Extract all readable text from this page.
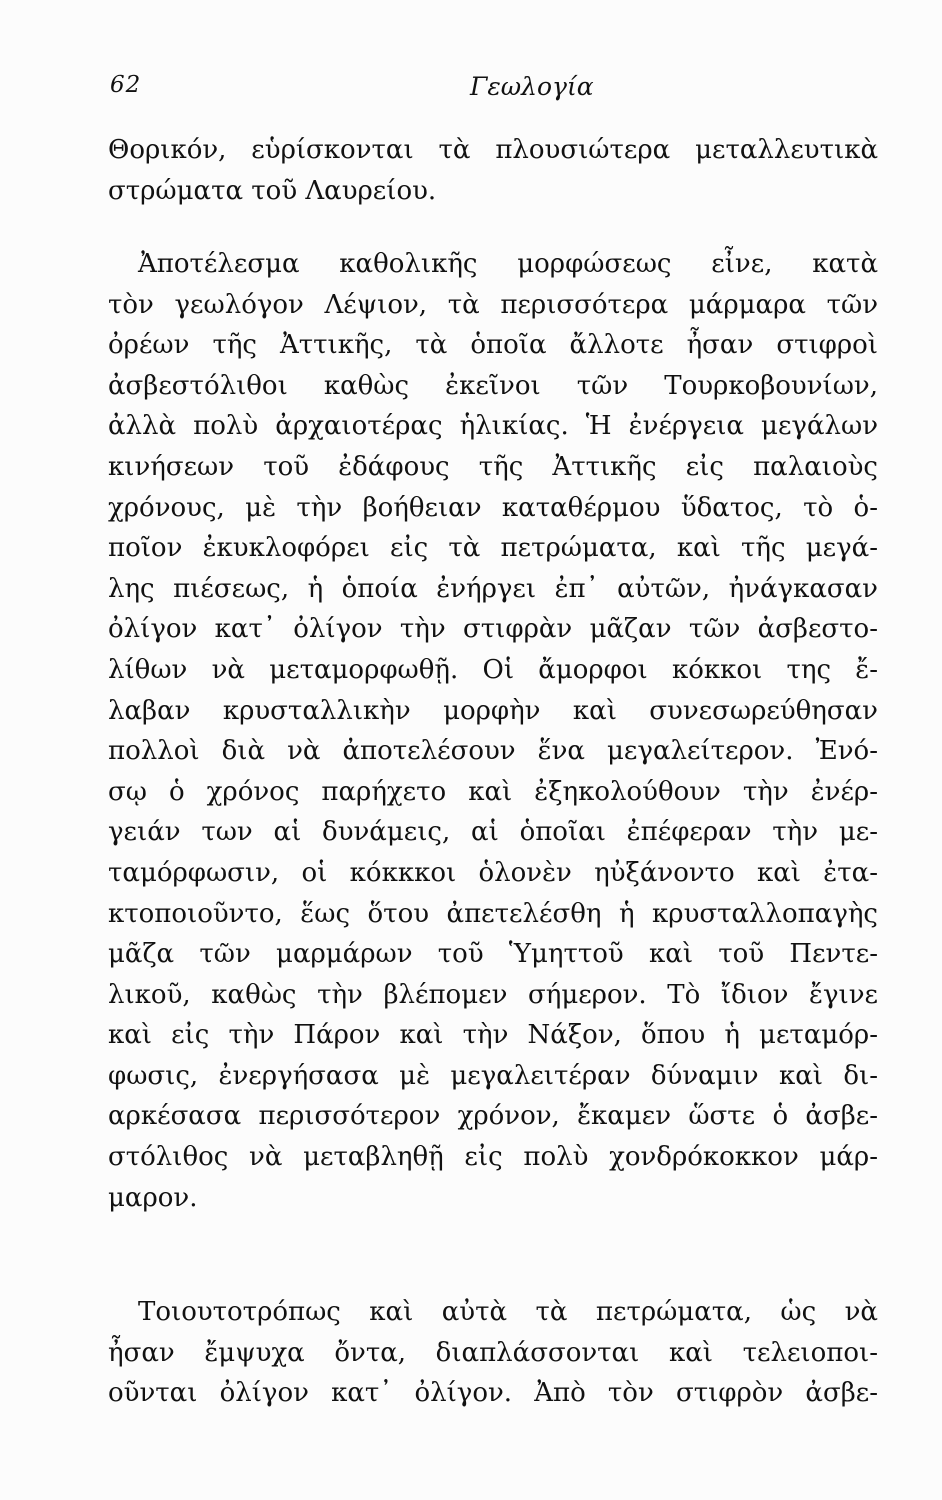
62	Γεωλογία
Θορικόν, εὑρίσκονται τὰ πλουσιώτερα μεταλλευτικὰ
στρώματα τοῦ Λαυρείου.
Ἀποτέλεσμα καθολικῆς μορφώσεως εἶνε, κατὰ
τὸν γεωλόγον Λέψιον, τὰ περισσότερα μάρμαρα τῶν
ὀρέων τῆς Ἀττικῆς, τὰ ὁποῖα ἄλλοτε ἦσαν στιφροὶ
ἀσβεστόλιθοι καθὼς ἐκεῖνοι τῶν Τουρκοβουνίων,
ἀλλὰ πολὺ ἀρχαιοτέρας ἡλικίας. Ἡ ἐνέργεια μεγάλων
κινήσεων τοῦ ἐδάφους τῆς Ἀττικῆς εἰς παλαιοὺς
χρόνους, μὲ τὴν βοήθειαν καταθέρμου ὕδατος, τὸ ὁ-
ποῖον ἐκυκλοφόρει εἰς τὰ πετρώματα, καὶ τῆς μεγά-
λης πιέσεως, ἡ ὁποία ἐνήργει ἐπ᾽ αὐτῶν, ἠνάγκασαν
ὀλίγον κατ᾽ ὀλίγον τὴν στιφρὰν μᾶζαν τῶν ἀσβεστο-
λίθων νὰ μεταμορφωθῇ. Οἱ ἄμορφοι κόκκοι της ἔ-
λαβαν κρυσταλλικὴν μορφὴν καὶ συνεσωρεύθησαν
πολλοὶ διὰ νὰ ἀποτελέσουν ἕνα μεγαλείτερον. Ἐνό-
σῳ ὁ χρόνος παρήχετο καὶ ἐξηκολούθουν τὴν ἐνέρ-
γειάν των αἱ δυνάμεις, αἱ ὁποῖαι ἐπέφεραν τὴν με-
ταμόρφωσιν, οἱ κόκκκοι ὁλονὲν ηὐξάνοντο καὶ ἐτα-
κτοποιοῦντο, ἕως ὅτου ἀπετελέσθη ἡ κρυσταλλοπαγὴς
μᾶζα τῶν μαρμάρων τοῦ Ὑμηττοῦ καὶ τοῦ Πεντε-
λικοῦ, καθὼς τὴν βλέπομεν σήμερον. Τὸ ἴδιον ἔγινε
καὶ εἰς τὴν Πάρον καὶ τὴν Νάξον, ὅπου ἡ μεταμόρ-
φωσις, ἐνεργήσασα μὲ μεγαλειτέραν δύναμιν καὶ δι-
αρκέσασα περισσότερον χρόνον, ἔκαμεν ὥστε ὁ ἀσβε-
στόλιθος νὰ μεταβληθῇ εἰς πολὺ χονδρόκοκκον μάρ-
μαρον.
Τοιουτοτρόπως καὶ αὐτὰ τὰ πετρώματα, ὡς νὰ
ἦσαν ἔμψυχα ὄντα, διαπλάσσονται καὶ τελειοποι-
οῦνται ὀλίγον κατ᾽ ὀλίγον. Ἀπὸ τὸν στιφρὸν ἀσβε-
